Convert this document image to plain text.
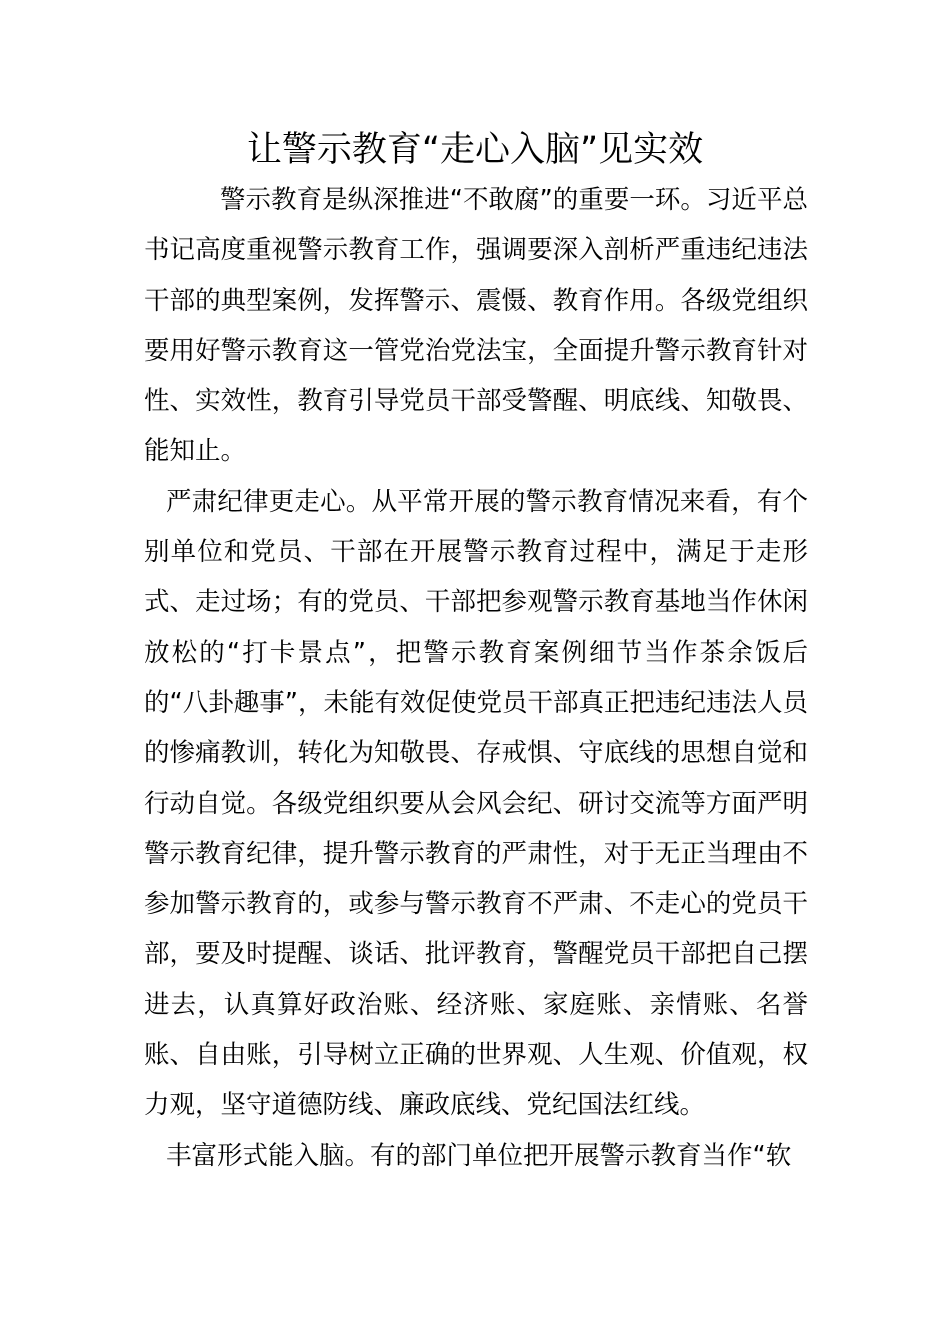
让警示教育“走心入脑”见实效

警示教育是纵深推进“不敢腐”的重要一环。习近平总书记高度重视警示教育工作，强调要深入剖析严重违纪违法干部的典型案例，发挥警示、震慑、教育作用。各级党组织要用好警示教育这一管党治党法宝，全面提升警示教育针对性、实效性，教育引导党员干部受警醒、明底线、知敬畏、能知止。

严肃纪律更走心。从平常开展的警示教育情况来看，有个别单位和党员、干部在开展警示教育过程中，满足于走形式、走过场；有的党员、干部把参观警示教育基地当作休闲放松的“打卡景点”，把警示教育案例细节当作茶余饭后的“八卦趣事”，未能有效促使党员干部真正把违纪违法人员的惨痛教训，转化为知敬畏、存戒惧、守底线的思想自觉和行动自觉。各级党组织要从会风会纪、研讨交流等方面严明警示教育纪律，提升警示教育的严肃性，对于无正当理由不参加警示教育的，或参与警示教育不严肃、不走心的党员干部，要及时提醒、谈话、批评教育，警醒党员干部把自己摆进去，认真算好政治账、经济账、家庭账、亲情账、名誉账、自由账，引导树立正确的世界观、人生观、价值观，权力观，坚守道德防线、廉政底线、党纪国法红线。

丰富形式能入脑。有的部门单位把开展警示教育当作“软
